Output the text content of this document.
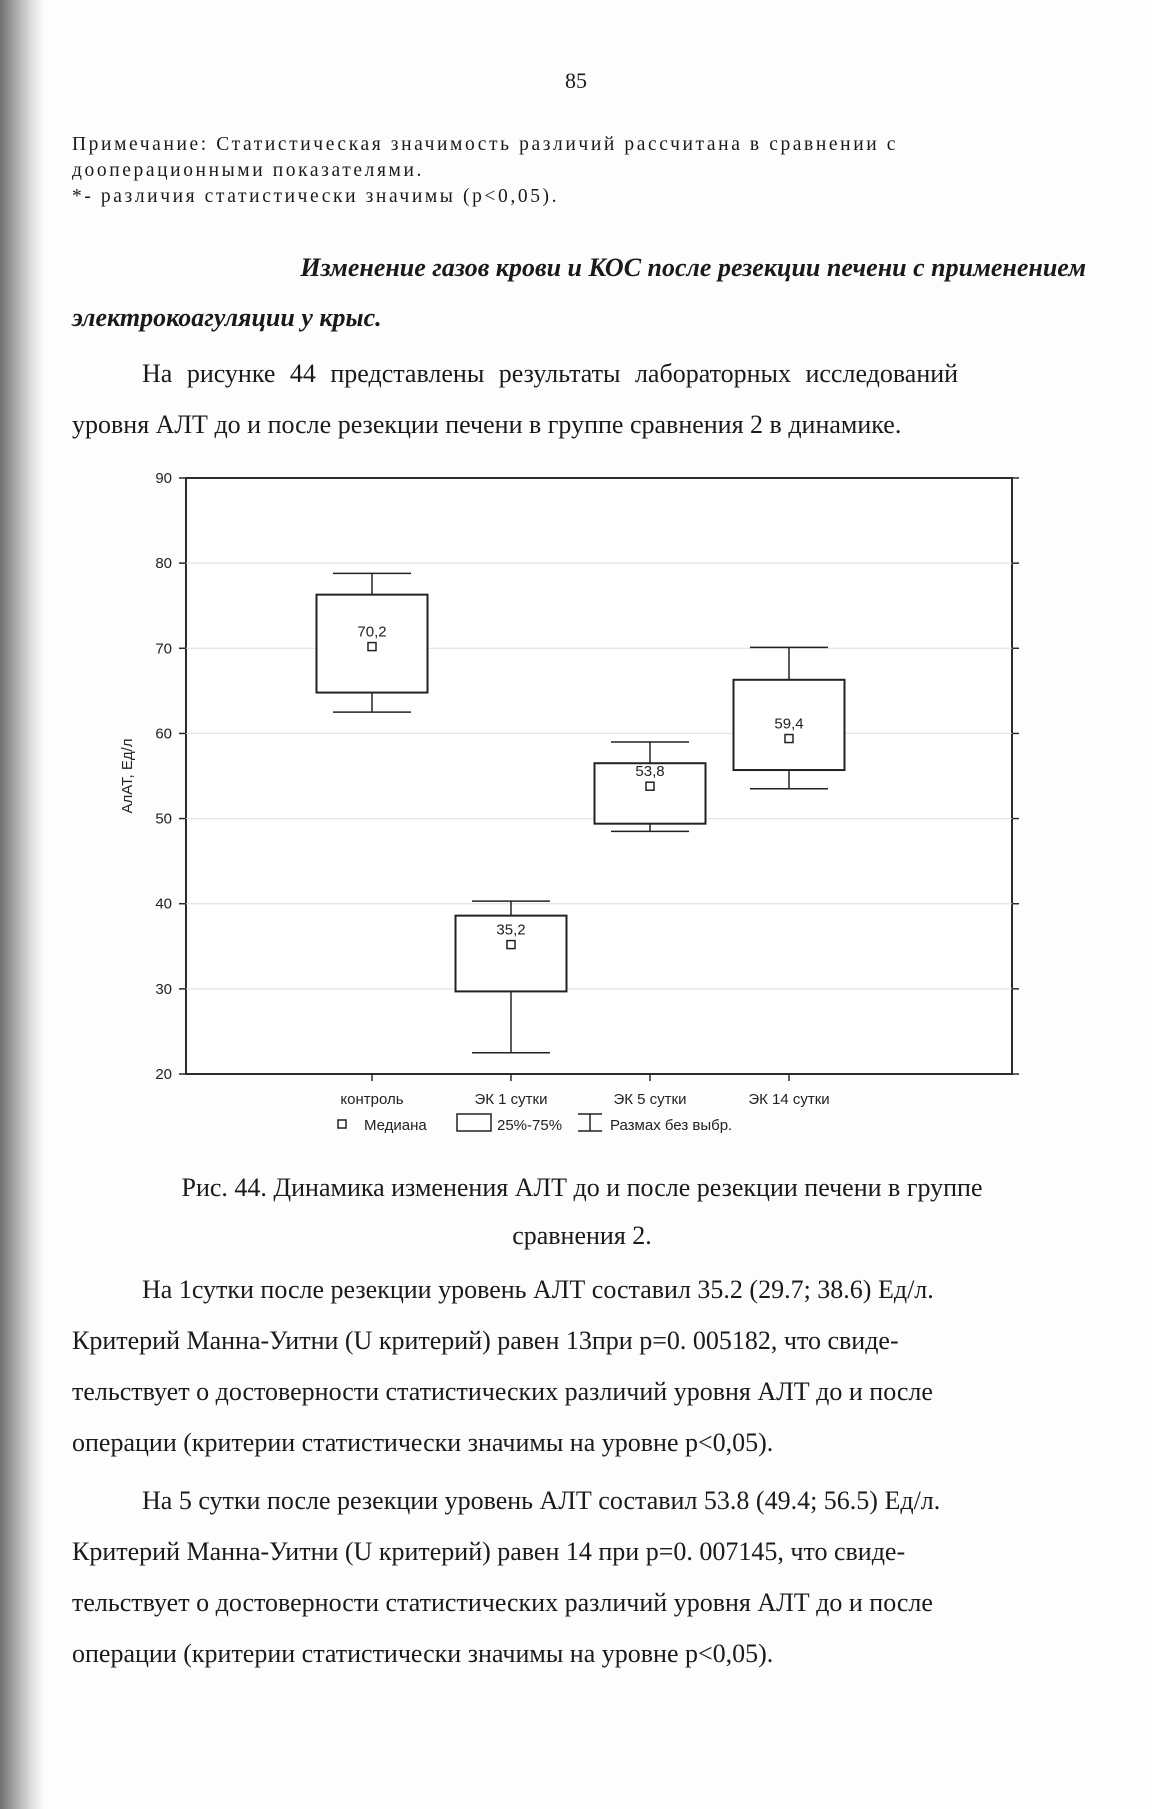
85
Примечание: Статистическая значимость различий рассчитана в сравнении с
дооперационными показателями.
*- различия статистически значимы (p<0,05).
Изменение газов крови и КОС после резекции печени с применением
электрокоагуляции у крыс.
На рисунке 44 представлены результаты лабораторных исследований
уровня АЛТ до и после резекции печени в группе сравнения 2 в динамике.
20
30
40
50
60
70
80
90
АлАТ, Ед/л
70,2
35,2
53,8
59,4
контроль	ЭК 1 сутки	ЭК 5 сутки	ЭК 14 сутки
Медиана	25%-75%	Размах без выбр.
Рис. 44. Динамика изменения АЛТ до и после резекции печени в группе
сравнения 2.
На 1сутки после резекции уровень АЛТ составил 35.2 (29.7; 38.6) Ед/л.
Критерий Манна-Уитни (U критерий) равен 13при p=0. 005182, что свиде-
тельствует о достоверности статистических различий уровня АЛТ до и после
операции (критерии статистически значимы на уровне p<0,05).
На 5 сутки после резекции уровень АЛТ составил 53.8 (49.4; 56.5) Ед/л.
Критерий Манна-Уитни (U критерий) равен 14 при p=0. 007145, что свиде-
тельствует о достоверности статистических различий уровня АЛТ до и после
операции (критерии статистически значимы на уровне p<0,05).
